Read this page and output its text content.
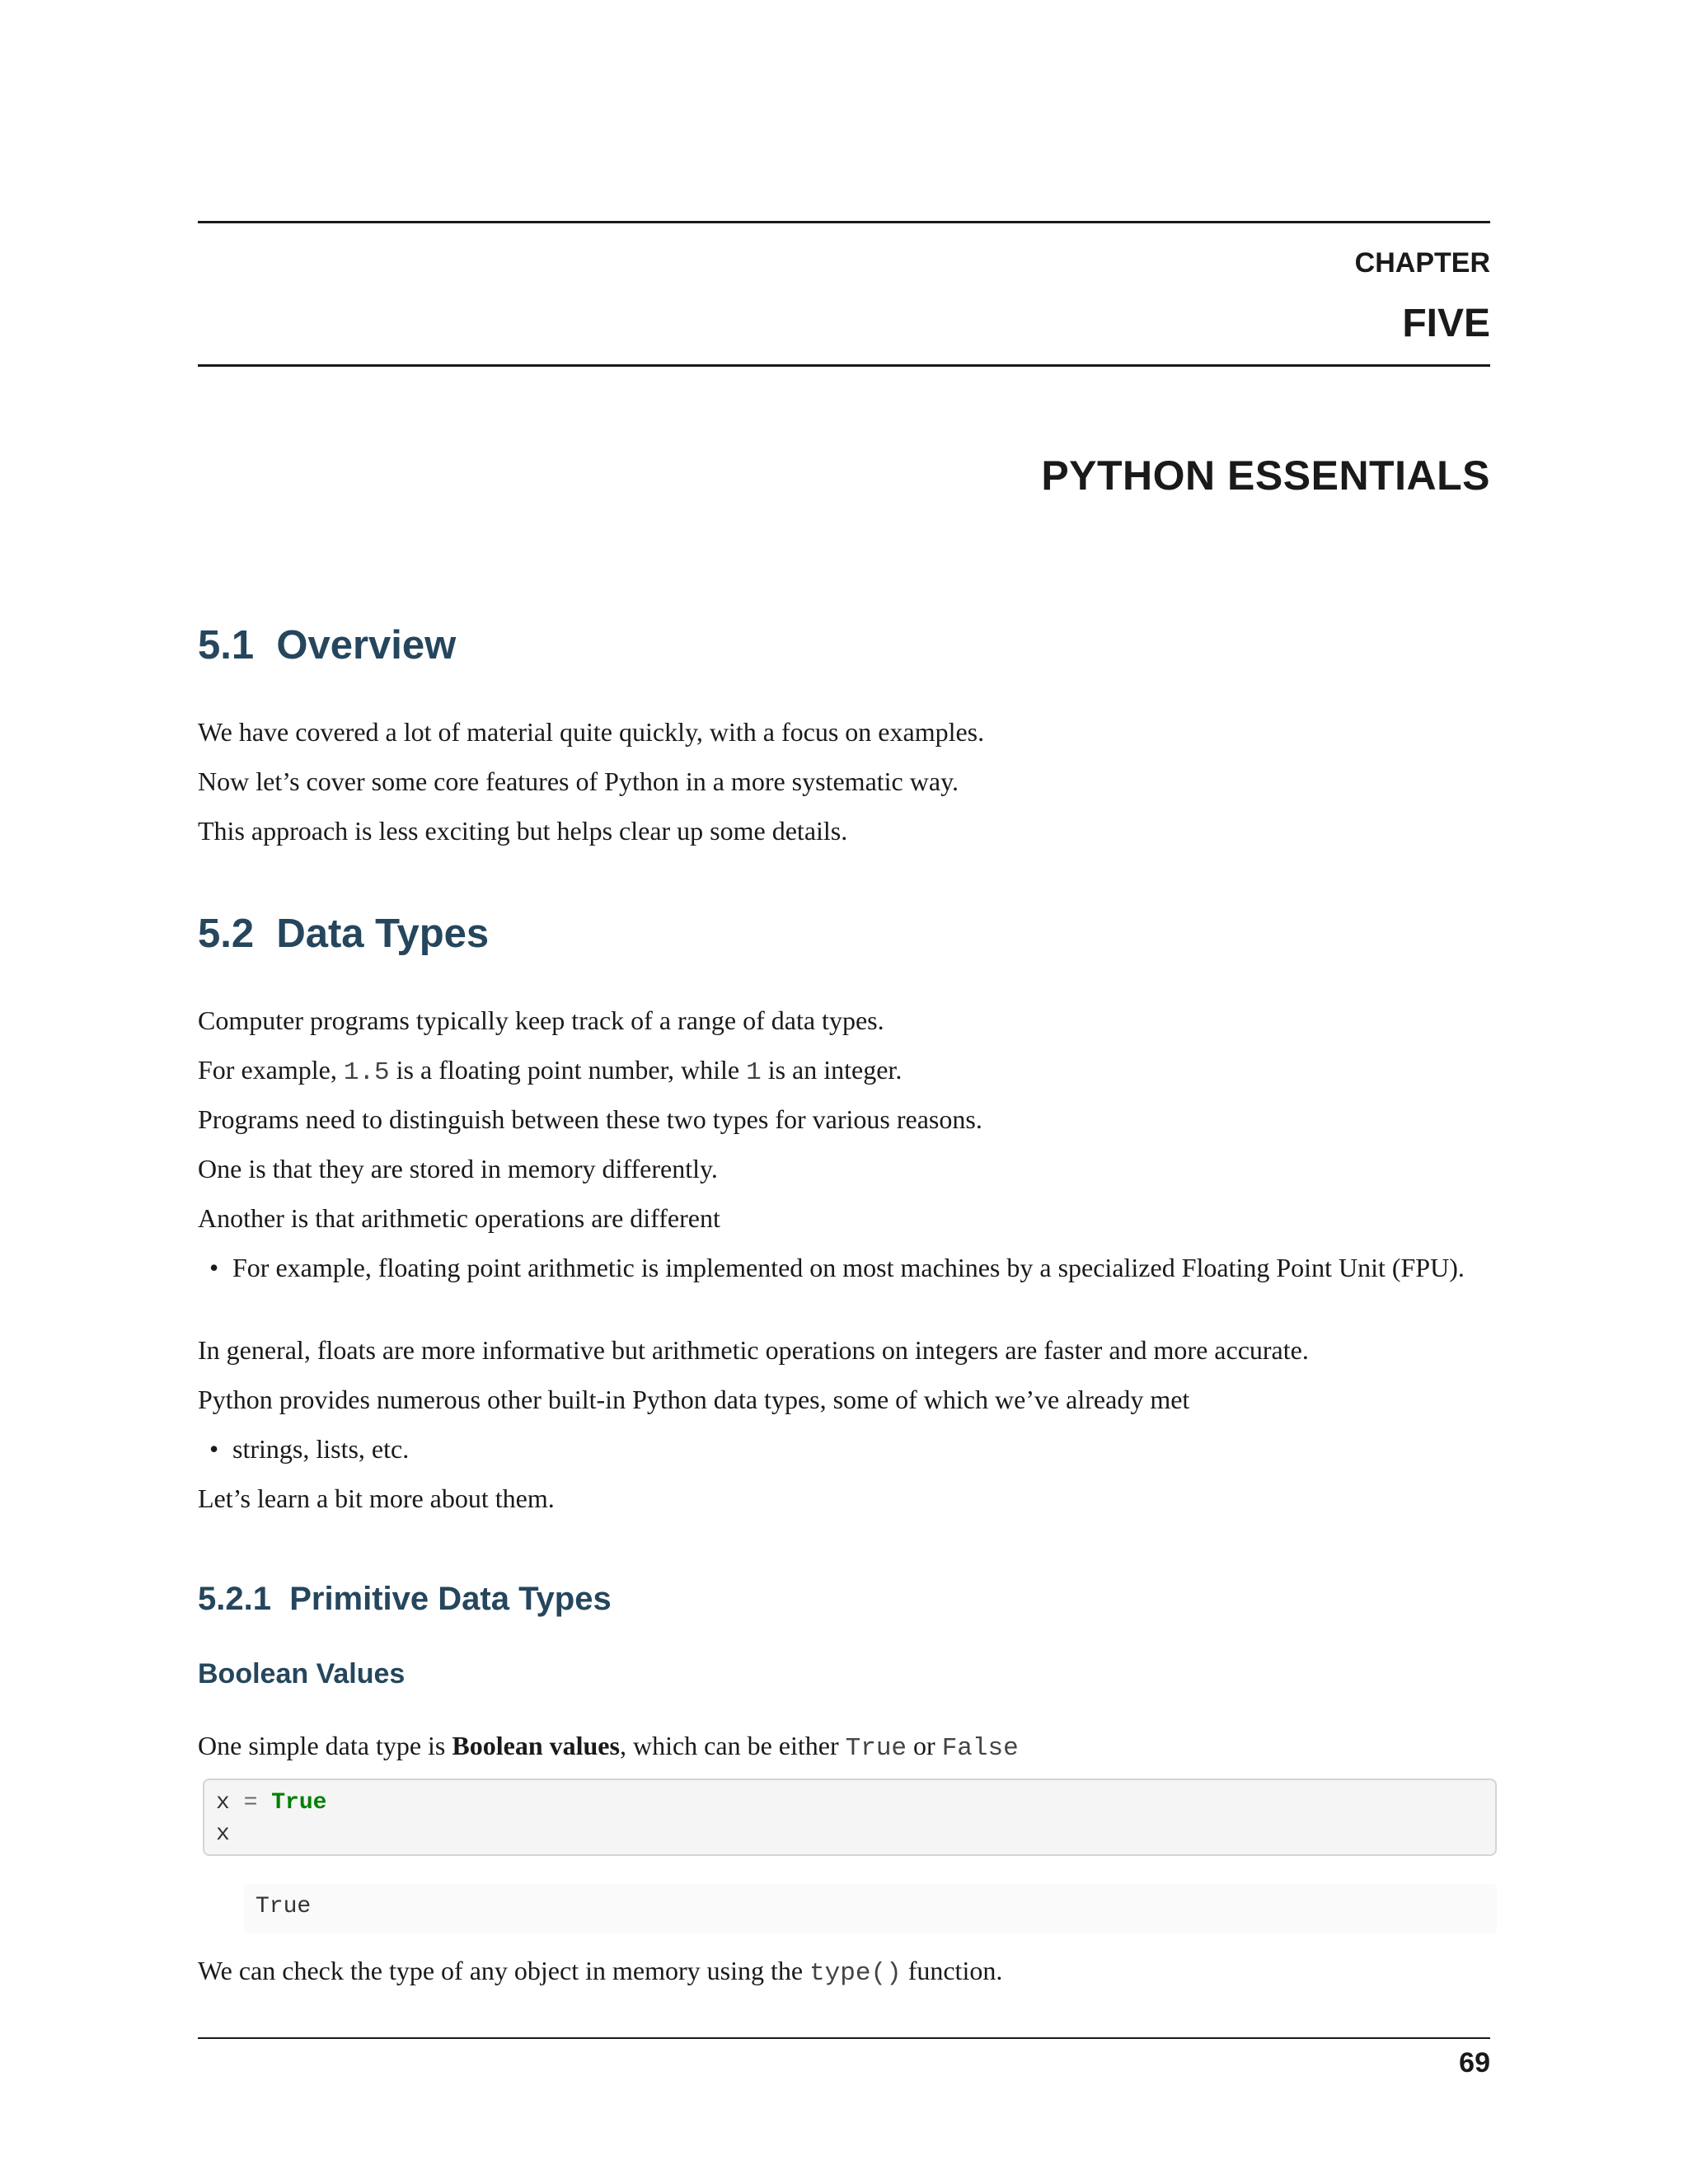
CHAPTER
FIVE
PYTHON ESSENTIALS
5.1  Overview
We have covered a lot of material quite quickly, with a focus on examples.
Now let’s cover some core features of Python in a more systematic way.
This approach is less exciting but helps clear up some details.
5.2  Data Types
Computer programs typically keep track of a range of data types.
For example, 1.5 is a floating point number, while 1 is an integer.
Programs need to distinguish between these two types for various reasons.
One is that they are stored in memory differently.
Another is that arithmetic operations are different
• For example, floating point arithmetic is implemented on most machines by a specialized Floating Point Unit (FPU).
In general, floats are more informative but arithmetic operations on integers are faster and more accurate.
Python provides numerous other built-in Python data types, some of which we’ve already met
• strings, lists, etc.
Let’s learn a bit more about them.
5.2.1  Primitive Data Types
Boolean Values
One simple data type is Boolean values, which can be either True or False
x = True
x
True
We can check the type of any object in memory using the type() function.
69
